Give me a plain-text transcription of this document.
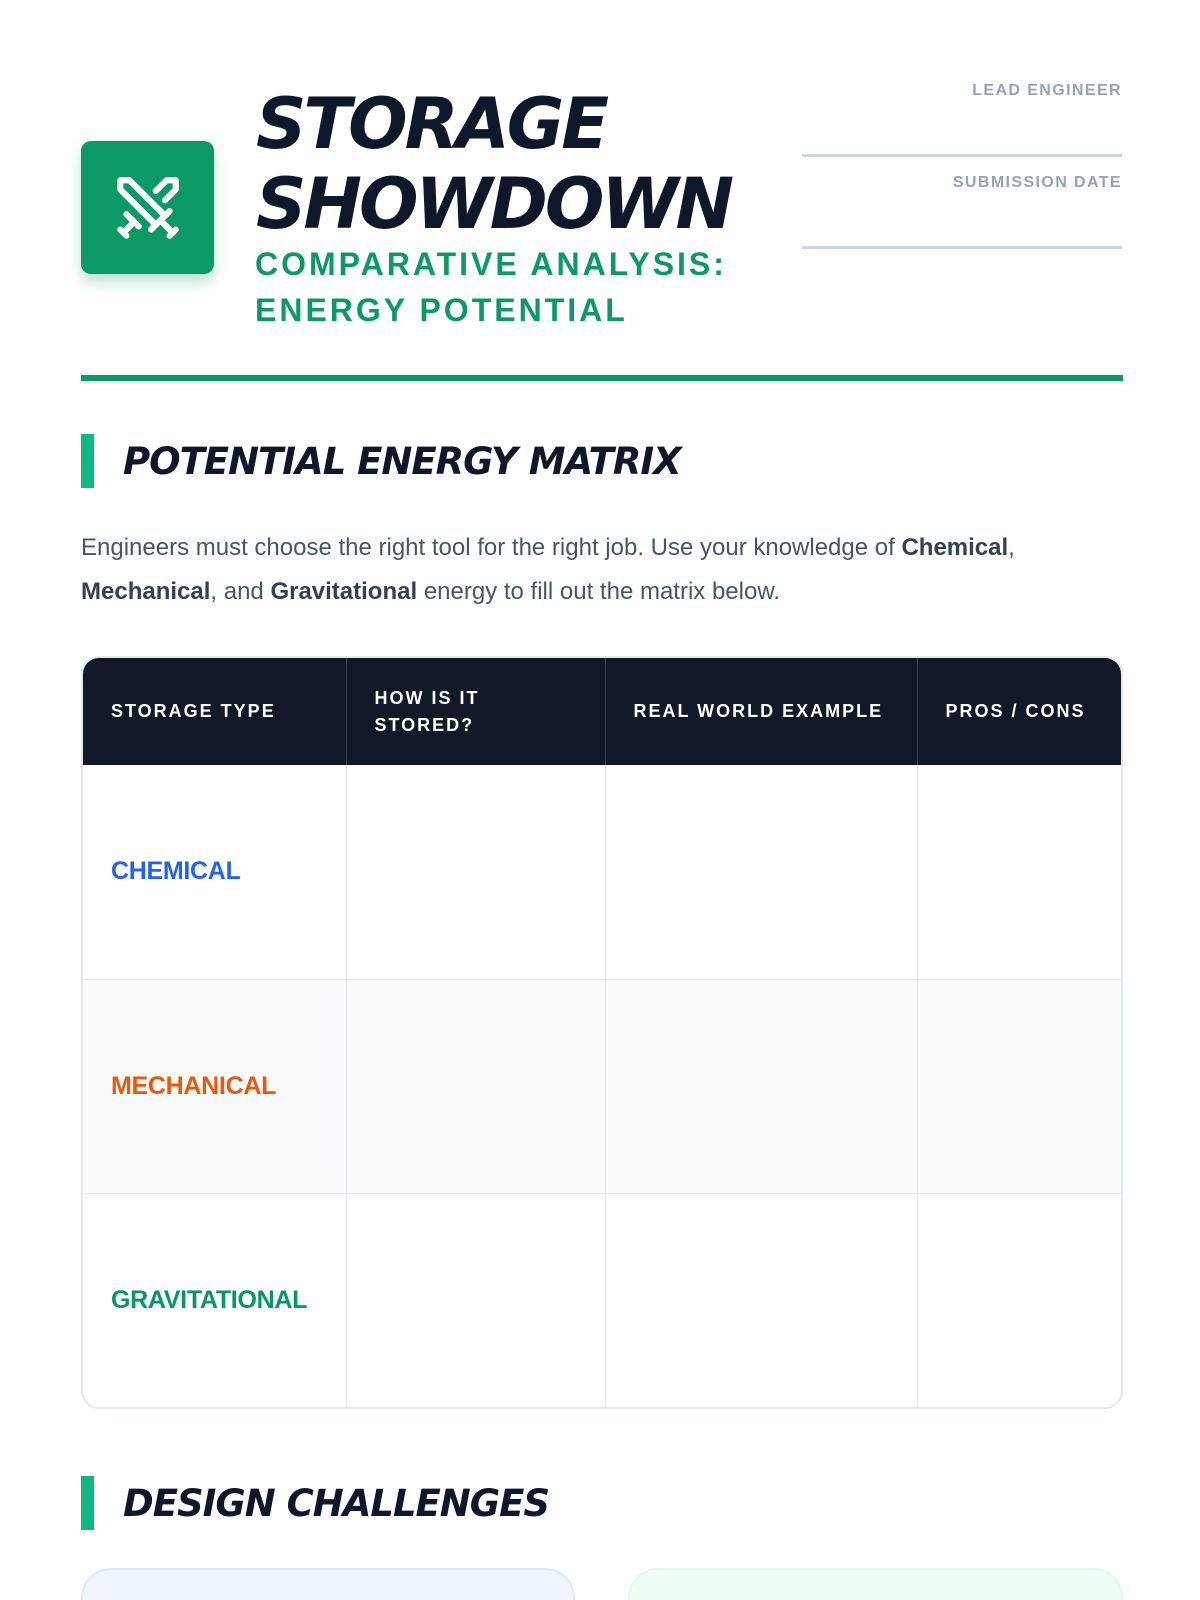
STORAGE
SHOWDOWN
COMPARATIVE ANALYSIS:
ENERGY POTENTIAL
LEAD ENGINEER
SUBMISSION DATE
POTENTIAL ENERGY MATRIX

Engineers must choose the right tool for the right job. Use your knowledge of Chemical, Mechanical, and Gravitational energy to fill out the matrix below.

STORAGE TYPE	HOW IS IT STORED?	REAL WORLD EXAMPLE	PROS / CONS
CHEMICAL			
MECHANICAL			
GRAVITATIONAL			
DESIGN CHALLENGES
